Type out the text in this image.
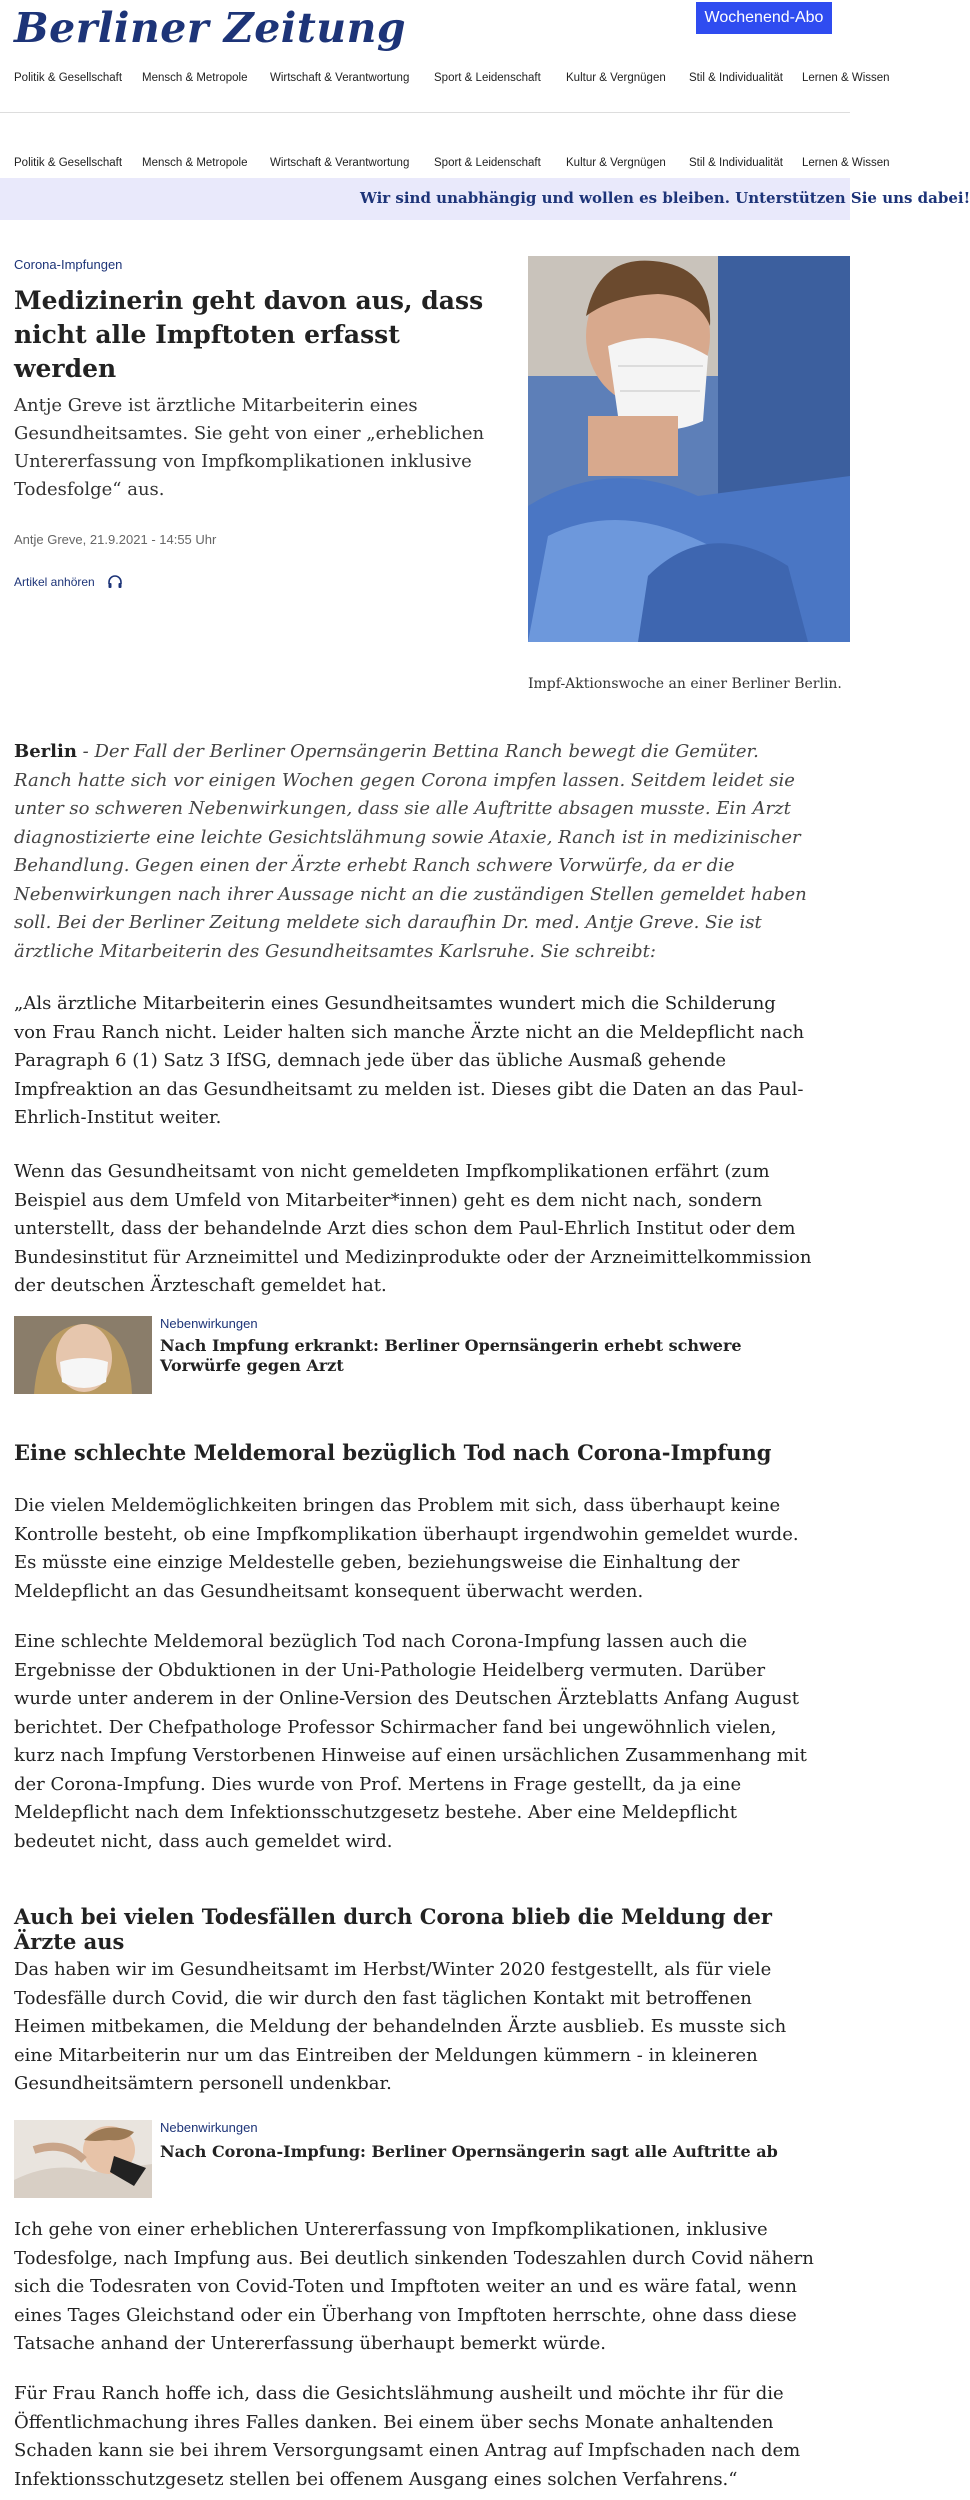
Berliner Zeitung	Wochenend-Abo
Politik & Gesellschaft Mensch & Metropole Wirtschaft & Verantwortung Sport & Leidenschaft Kultur & Vergnügen Stil & Individualität Lernen & Wissen
Politik & Gesellschaft Mensch & Metropole Wirtschaft & Verantwortung Sport & Leidenschaft Kultur & Vergnügen Stil & Individualität Lernen & Wissen
Wir sind unabhängig und wollen es bleiben. Unterstützen Sie uns dabei!
Corona-Impfungen
Medizinerin geht davon aus, dass nicht alle Impftoten erfasst werden
Antje Greve ist ärztliche Mitarbeiterin eines Gesundheitsamtes. Sie geht von einer „erheblichen Untererfassung von Impfkomplikationen inklusive Todesfolge“ aus.
Antje Greve, 21.9.2021 - 14:55 Uhr
Artikel anhören
Impf-Aktionswoche an einer Berliner Berlin.
Berlin - Der Fall der Berliner Opernsängerin Bettina Ranch bewegt die Gemüter. Ranch hatte sich vor einigen Wochen gegen Corona impfen lassen. Seitdem leidet sie unter so schweren Nebenwirkungen, dass sie alle Auftritte absagen musste. Ein Arzt diagnostizierte eine leichte Gesichtslähmung sowie Ataxie, Ranch ist in medizinischer Behandlung. Gegen einen der Ärzte erhebt Ranch schwere Vorwürfe, da er die Nebenwirkungen nach ihrer Aussage nicht an die zuständigen Stellen gemeldet haben soll. Bei der Berliner Zeitung meldete sich daraufhin Dr. med. Antje Greve. Sie ist ärztliche Mitarbeiterin des Gesundheitsamtes Karlsruhe. Sie schreibt:
„Als ärztliche Mitarbeiterin eines Gesundheitsamtes wundert mich die Schilderung von Frau Ranch nicht. Leider halten sich manche Ärzte nicht an die Meldepflicht nach Paragraph 6 (1) Satz 3 IfSG, demnach jede über das übliche Ausmaß gehende Impfreaktion an das Gesundheitsamt zu melden ist. Dieses gibt die Daten an das Paul-Ehrlich-Institut weiter.
Wenn das Gesundheitsamt von nicht gemeldeten Impfkomplikationen erfährt (zum Beispiel aus dem Umfeld von Mitarbeiter*innen) geht es dem nicht nach, sondern unterstellt, dass der behandelnde Arzt dies schon dem Paul-Ehrlich Institut oder dem Bundesinstitut für Arzneimittel und Medizinprodukte oder der Arzneimittelkommission der deutschen Ärzteschaft gemeldet hat.
Nebenwirkungen
Nach Impfung erkrankt: Berliner Opernsängerin erhebt schwere Vorwürfe gegen Arzt
Eine schlechte Meldemoral bezüglich Tod nach Corona-Impfung
Die vielen Meldemöglichkeiten bringen das Problem mit sich, dass überhaupt keine Kontrolle besteht, ob eine Impfkomplikation überhaupt irgendwohin gemeldet wurde. Es müsste eine einzige Meldestelle geben, beziehungsweise die Einhaltung der Meldepflicht an das Gesundheitsamt konsequent überwacht werden.
Eine schlechte Meldemoral bezüglich Tod nach Corona-Impfung lassen auch die Ergebnisse der Obduktionen in der Uni-Pathologie Heidelberg vermuten. Darüber wurde unter anderem in der Online-Version des Deutschen Ärzteblatts Anfang August berichtet. Der Chefpathologe Professor Schirmacher fand bei ungewöhnlich vielen, kurz nach Impfung Verstorbenen Hinweise auf einen ursächlichen Zusammenhang mit der Corona-Impfung. Dies wurde von Prof. Mertens in Frage gestellt, da ja eine Meldepflicht nach dem Infektionsschutzgesetz bestehe. Aber eine Meldepflicht bedeutet nicht, dass auch gemeldet wird.
Auch bei vielen Todesfällen durch Corona blieb die Meldung der Ärzte aus
Das haben wir im Gesundheitsamt im Herbst/Winter 2020 festgestellt, als für viele Todesfälle durch Covid, die wir durch den fast täglichen Kontakt mit betroffenen Heimen mitbekamen, die Meldung der behandelnden Ärzte ausblieb. Es musste sich eine Mitarbeiterin nur um das Eintreiben der Meldungen kümmern - in kleineren Gesundheitsämtern personell undenkbar.
Nebenwirkungen
Nach Corona-Impfung: Berliner Opernsängerin sagt alle Auftritte ab
Ich gehe von einer erheblichen Untererfassung von Impfkomplikationen, inklusive Todesfolge, nach Impfung aus. Bei deutlich sinkenden Todeszahlen durch Covid nähern sich die Todesraten von Covid-Toten und Impftoten weiter an und es wäre fatal, wenn eines Tages Gleichstand oder ein Überhang von Impftoten herrschte, ohne dass diese Tatsache anhand der Untererfassung überhaupt bemerkt würde.
Für Frau Ranch hoffe ich, dass die Gesichtslähmung ausheilt und möchte ihr für die Öffentlichmachung ihres Falles danken. Bei einem über sechs Monate anhaltenden Schaden kann sie bei ihrem Versorgungsamt einen Antrag auf Impfschaden nach dem Infektionsschutzgesetz stellen bei offenem Ausgang eines solchen Verfahrens.“
